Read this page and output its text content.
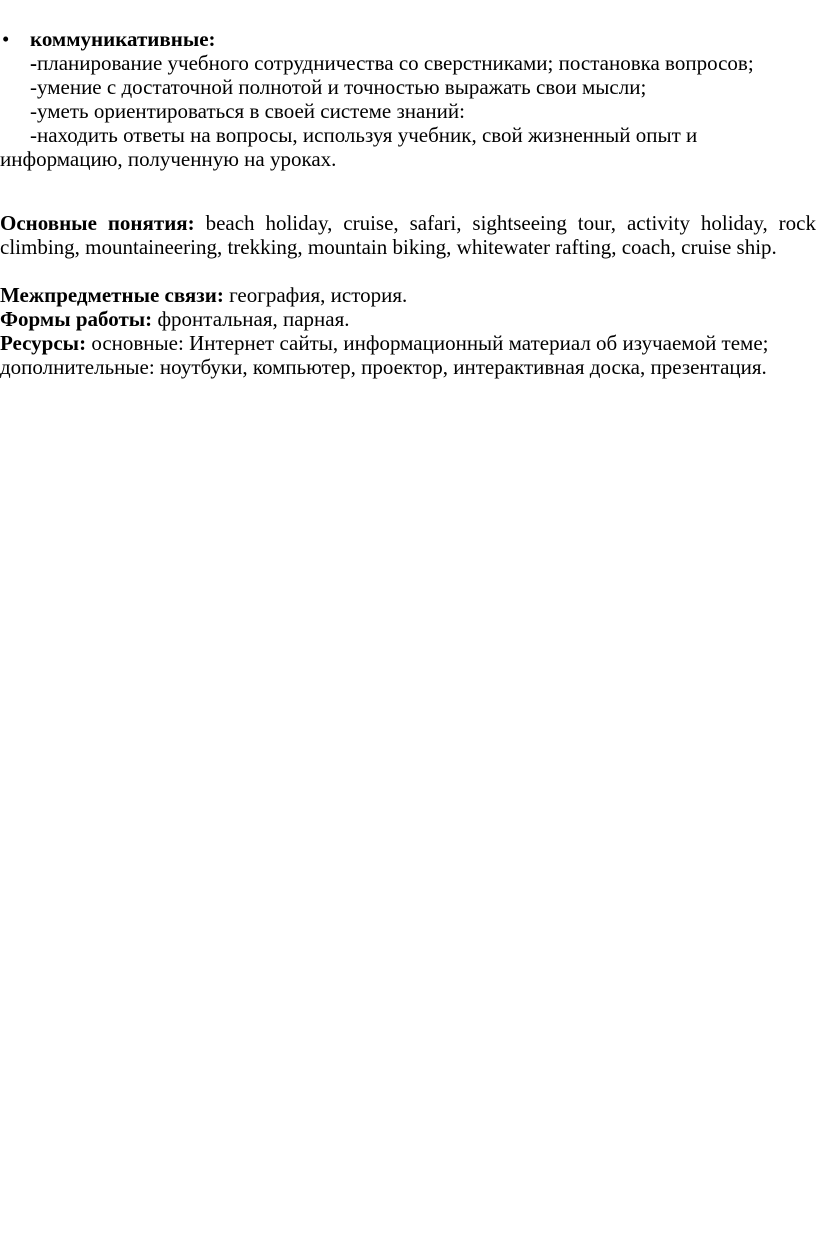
• коммуникативные:

-планирование учебного сотрудничества со сверстниками; постановка вопросов;

-умение с достаточной полнотой и точностью выражать свои мысли;

-уметь ориентироваться в своей системе знаний:

-находить ответы на вопросы, используя учебник, свой жизненный опыт и

информацию, полученную на уроках.

Основные понятия: beach holiday, cruise, safari, sightseeing tour, activity holiday, rock
climbing, mountaineering, trekking, mountain biking, whitewater rafting, coach, cruise ship.

Межпредметные связи: география, история.

Формы работы: фронтальная, парная.

Ресурсы: основные: Интернет сайты, информационный материал об изучаемой теме;
дополнительные: ноутбуки, компьютер, проектор, интерактивная доска, презентация.
